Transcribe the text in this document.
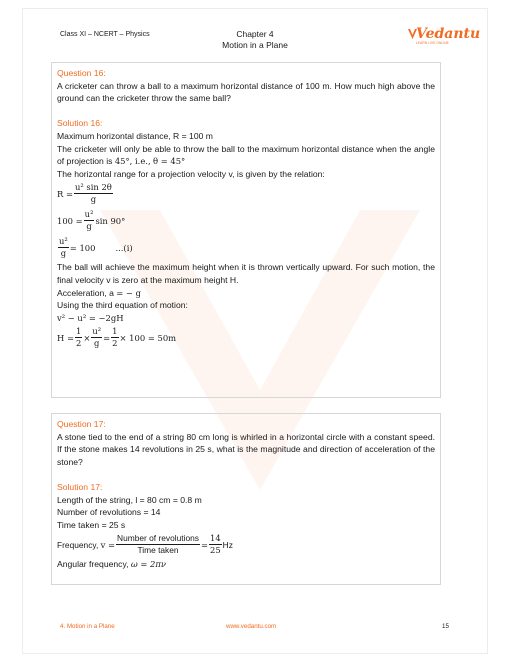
Class XI – NCERT – Physics	Chapter 4
Motion in a Plane
Vedantu
LEARN LIVE ONLINE
Question 16:
A cricketer can throw a ball to a maximum horizontal distance of 100 m. How much high above the ground can the cricketer throw the same ball?
Solution 16:
Maximum horizontal distance, R = 100 m
The cricketer will only be able to throw the ball to the maximum horizontal distance when the angle of projection is 45°, i.e., θ = 45°
The horizontal range for a projection velocity v, is given by the relation:
$R = \frac{\text{u² sin 2θ}}{g}$
$100 = \frac{\text{u²}}{g}$ sin 90°
$\frac{\text{u²}}{g} = 100$ ...(i)
The ball will achieve the maximum height when it is thrown vertically upward. For such motion, the final velocity v is zero at the maximum height H.
Acceleration, a = − g
Using the third equation of motion:
v² − u² = −2gH
$H = \frac{1}{2} \times \frac{\text{u²}}{g} = \frac{1}{2} \times 100 = 50m$
Question 17:
A stone tied to the end of a string 80 cm long is whirled in a horizontal circle with a constant speed. If the stone makes 14 revolutions in 25 s, what is the magnitude and direction of acceleration of the stone?
Solution 17:
Length of the string, l = 80 cm = 0.8 m
Number of revolutions = 14
Time taken = 25 s
Frequency,
$v = \frac{\text{Number of revolutions}}{\text{Time taken}} = \frac{14}{25}$ Hz
Angular frequency, ω = 2πν
4. Motion in a Plane	www.vedantu.com	15
